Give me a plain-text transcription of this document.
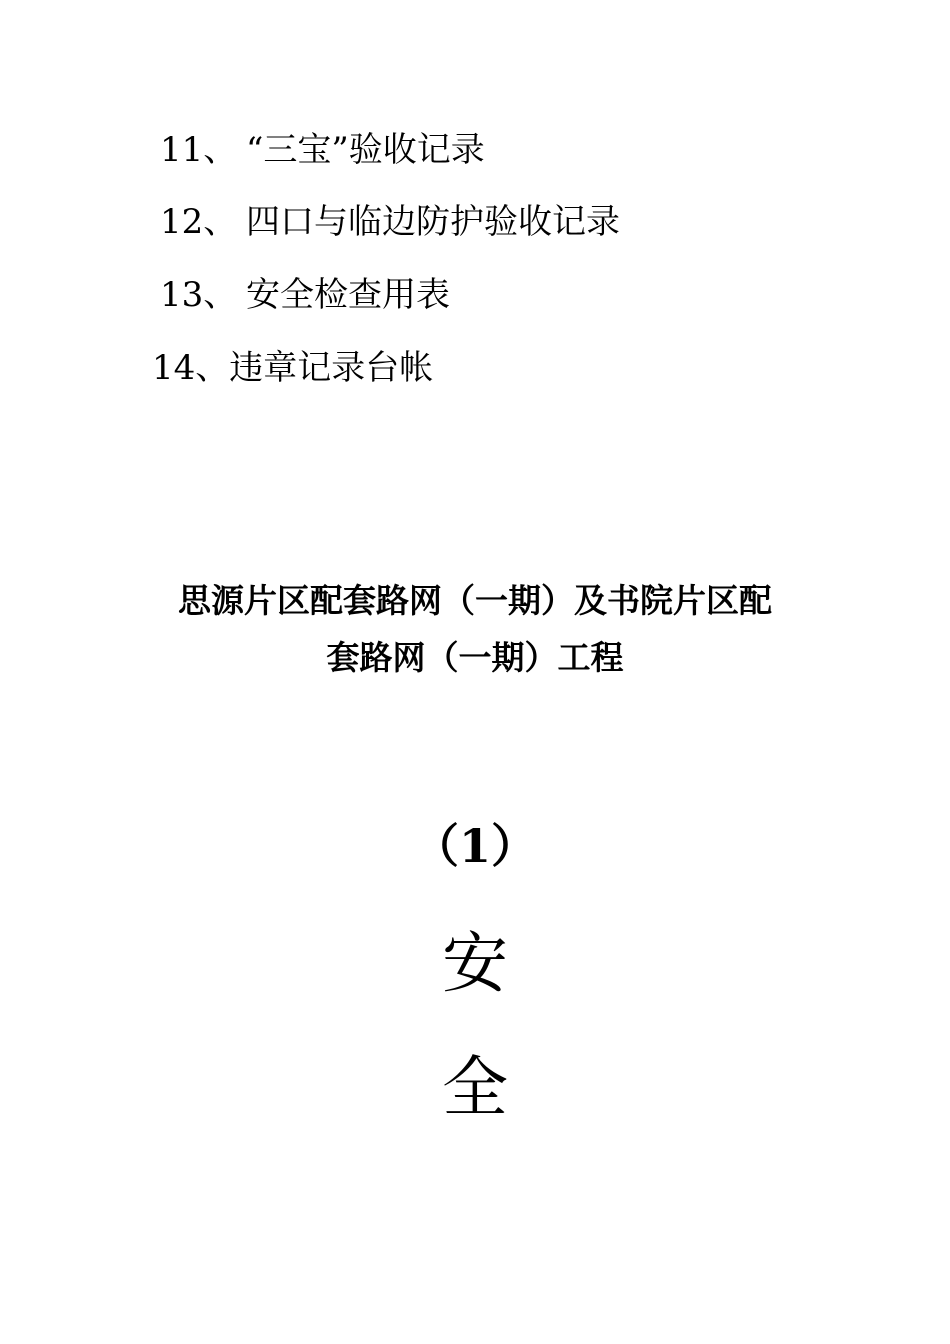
11、 “三宝”验收记录
12、 四口与临边防护验收记录
13、 安全检查用表
14、违章记录台帐
思源片区配套路网（一期）及书院片区配
套路网（一期）工程
（1）
安
全
